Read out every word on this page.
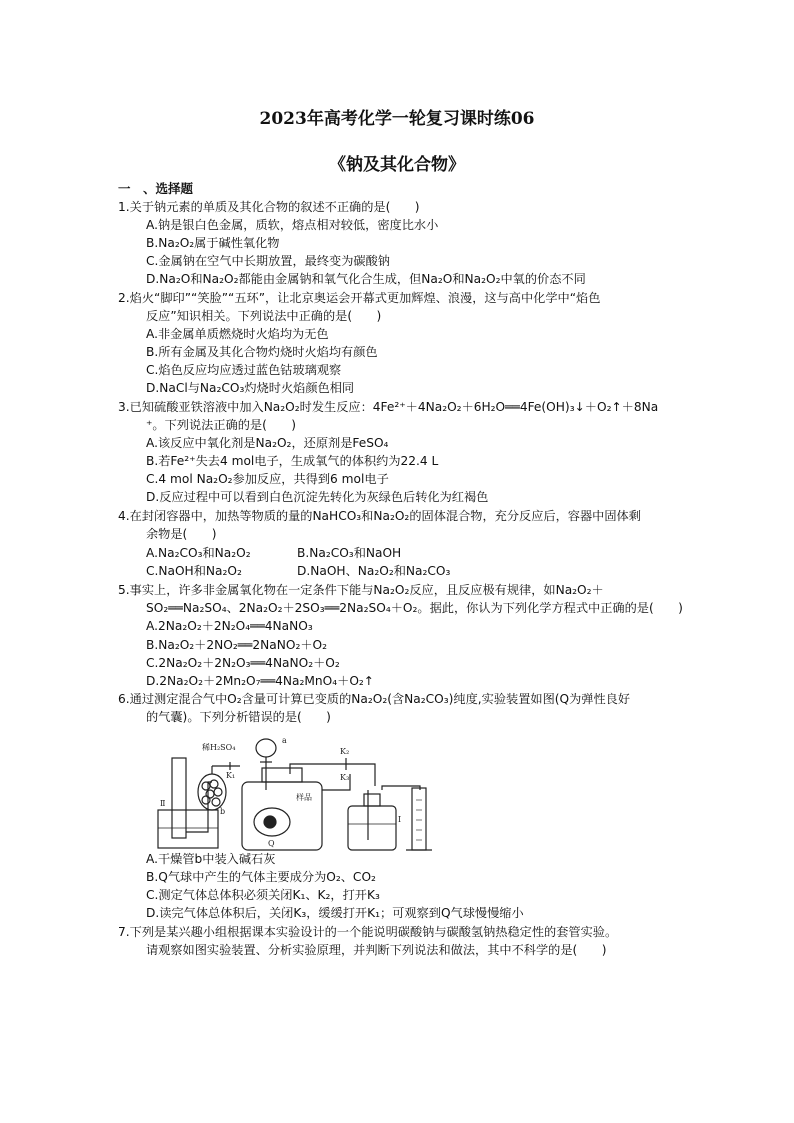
2023年高考化学一轮复习课时练06
《钠及其化合物》
一　、选择题
1.关于钠元素的单质及其化合物的叙述不正确的是(　　)
A.钠是银白色金属，质软，熔点相对较低，密度比水小
B.Na₂O₂属于碱性氧化物
C.金属钠在空气中长期放置，最终变为碳酸钠
D.Na₂O和Na₂O₂都能由金属钠和氧气化合生成，但Na₂O和Na₂O₂中氧的价态不同
2.焰火“脚印”“笑脸”“五环”，让北京奥运会开幕式更加辉煌、浪漫，这与高中化学中“焰色
反应”知识相关。下列说法中正确的是(　　)
A.非金属单质燃烧时火焰均为无色
B.所有金属及其化合物灼烧时火焰均有颜色
C.焰色反应均应透过蓝色钴玻璃观察
D.NaCl与Na₂CO₃灼烧时火焰颜色相同
3.已知硫酸亚铁溶液中加入Na₂O₂时发生反应：4Fe²⁺＋4Na₂O₂＋6H₂O══4Fe(OH)₃↓＋O₂↑＋8Na
⁺。下列说法正确的是(　　)
A.该反应中氧化剂是Na₂O₂，还原剂是FeSO₄
B.若Fe²⁺失去4 mol电子，生成氧气的体积约为22.4 L
C.4 mol Na₂O₂参加反应，共得到6 mol电子
D.反应过程中可以看到白色沉淀先转化为灰绿色后转化为红褐色
4.在封闭容器中，加热等物质的量的NaHCO₃和Na₂O₂的固体混合物，充分反应后，容器中固体剩
余物是(　　)
A.Na₂CO₃和Na₂O₂	B.Na₂CO₃和NaOH
C.NaOH和Na₂O₂	D.NaOH、Na₂O₂和Na₂CO₃
5.事实上，许多非金属氧化物在一定条件下能与Na₂O₂反应，且反应极有规律，如Na₂O₂＋
SO₂══Na₂SO₄、2Na₂O₂＋2SO₃══2Na₂SO₄＋O₂。据此，你认为下列化学方程式中正确的是(　　)
A.2Na₂O₂＋2N₂O₄══4NaNO₃
B.Na₂O₂＋2NO₂══2NaNO₂＋O₂
C.2Na₂O₂＋2N₂O₃══4NaNO₂＋O₂
D.2Na₂O₂＋2Mn₂O₇══4Na₂MnO₄＋O₂↑
6.通过测定混合气中O₂含量可计算已变质的Na₂O₂(含Na₂CO₃)纯度,实验装置如图(Q为弹性良好
的气囊)。下列分析错误的是(　　)
稀H₂SO₄
a
b
K₁
K₂
K₃
Ⅱ
Ⅰ
Q
样品
A.干燥管b中装入碱石灰
B.Q气球中产生的气体主要成分为O₂、CO₂
C.测定气体总体积必须关闭K₁、K₂，打开K₃
D.读完气体总体积后，关闭K₃，缓缓打开K₁；可观察到Q气球慢慢缩小
7.下列是某兴趣小组根据课本实验设计的一个能说明碳酸钠与碳酸氢钠热稳定性的套管实验。
请观察如图实验装置、分析实验原理，并判断下列说法和做法，其中不科学的是(　　)
